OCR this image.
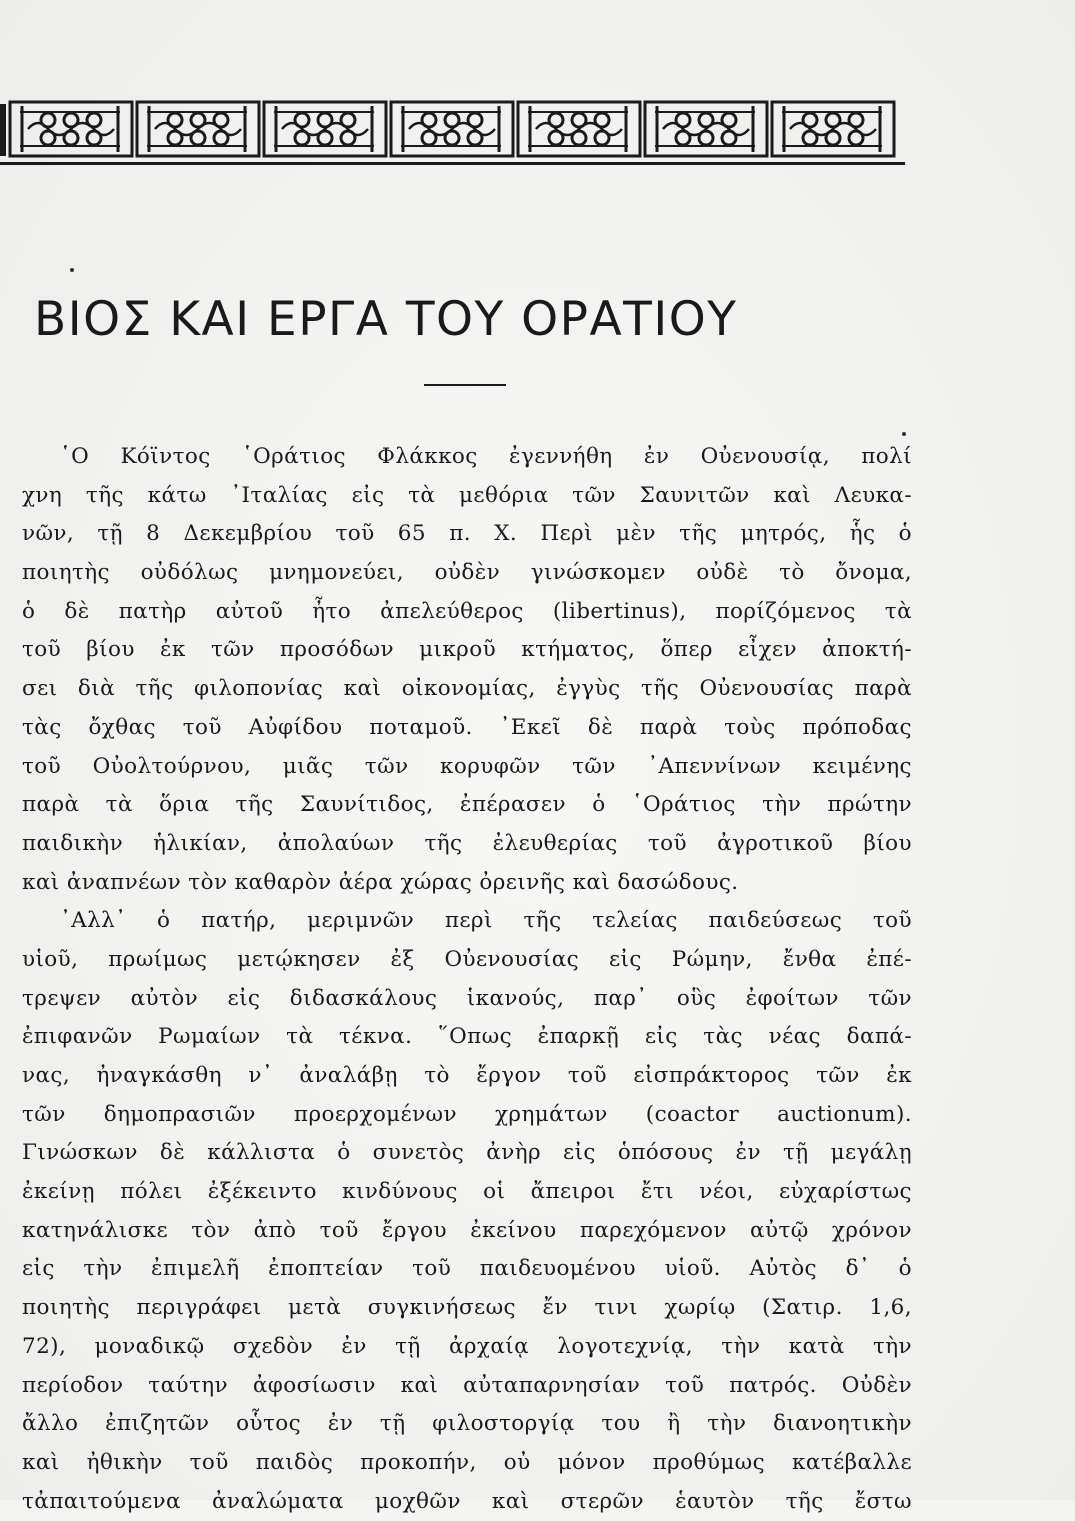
ΒΙΟΣ ΚΑΙ ΕΡΓΑ ΤΟΥ ΟΡΑΤΙΟΥ
῾Ο Κόϊντος ῾Οράτιος Φλάκκος ἐγεννήθη ἐν Οὐενουσίᾳ, πολί
χνη τῆς κάτω ᾿Ιταλίας εἰς τὰ μεθόρια τῶν Σαυνιτῶν καὶ Λευκα-
νῶν, τῇ 8 Δεκεμβρίου τοῦ 65 π. Χ. Περὶ μὲν τῆς μητρός, ἧς ὁ
ποιητὴς οὐδόλως μνημονεύει, οὐδὲν γινώσκομεν οὐδὲ τὸ ὄνομα,
ὁ δὲ πατὴρ αὐτοῦ ἦτο ἀπελεύθερος (libertinus), πορίζόμενος τὰ
τοῦ βίου ἐκ τῶν προσόδων μικροῦ κτήματος, ὅπερ εἶχεν ἀποκτή-
σει διὰ τῆς φιλοπονίας καὶ οἰκονομίας, ἐγγὺς τῆς Οὐενουσίας παρὰ
τὰς ὄχθας τοῦ Αὐφίδου ποταμοῦ. ᾿Εκεῖ δὲ παρὰ τοὺς πρόποδας
τοῦ Οὐολτούρνου, μιᾶς τῶν κορυφῶν τῶν ᾿Απεννίνων κειμένης
παρὰ τὰ ὅρια τῆς Σαυνίτιδος, ἐπέρασεν ὁ ῾Οράτιος τὴν πρώτην
παιδικὴν ἡλικίαν, ἀπολαύων τῆς ἐλευθερίας τοῦ ἀγροτικοῦ βίου
καὶ ἀναπνέων τὸν καθαρὸν ἀέρα χώρας ὀρεινῆς καὶ δασώδους.
᾿Αλλ᾿ ὁ πατήρ, μεριμνῶν περὶ τῆς τελείας παιδεύσεως τοῦ
υἱοῦ, πρωίμως μετῴκησεν ἐξ Οὐενουσίας εἰς Ρώμην, ἔνθα ἐπέ-
τρεψεν αὐτὸν εἰς διδασκάλους ἱκανούς, παρ᾿ οὓς ἐφοίτων τῶν
ἐπιφανῶν Ρωμαίων τὰ τέκνα. ῞Οπως ἐπαρκῇ εἰς τὰς νέας δαπά-
νας, ἠναγκάσθη ν᾿ ἀναλάβῃ τὸ ἔργον τοῦ εἰσπράκτορος τῶν ἐκ
τῶν δημοπρασιῶν προερχομένων χρημάτων (coactor auctionum).
Γινώσκων δὲ κάλλιστα ὁ συνετὸς ἀνὴρ εἰς ὁπόσους ἐν τῇ μεγάλῃ
ἐκείνῃ πόλει ἐξέκειντο κινδύνους οἱ ἄπειροι ἔτι νέοι, εὐχαρίστως
κατηνάλισκε τὸν ἀπὸ τοῦ ἔργου ἐκείνου παρεχόμενον αὐτῷ χρόνον
εἰς τὴν ἐπιμελῆ ἐποπτείαν τοῦ παιδευομένου υἱοῦ. Αὐτὸς δ᾿ ὁ
ποιητὴς περιγράφει μετὰ συγκινήσεως ἔν τινι χωρίῳ (Σατιρ. 1,6,
72), μοναδικῷ σχεδὸν ἐν τῇ ἀρχαίᾳ λογοτεχνίᾳ, τὴν κατὰ τὴν
περίοδον ταύτην ἀφοσίωσιν καὶ αὐταπαρνησίαν τοῦ πατρός. Οὐδὲν
ἄλλο ἐπιζητῶν οὗτος ἐν τῇ φιλοστοργίᾳ του ἢ τὴν διανοητικὴν
καὶ ἠθικὴν τοῦ παιδὸς προκοπήν, οὐ μόνον προθύμως κατέβαλλε
τἀπαιτούμενα ἀναλώματα μοχθῶν καὶ στερῶν ἑαυτὸν τῆς ἔστω
